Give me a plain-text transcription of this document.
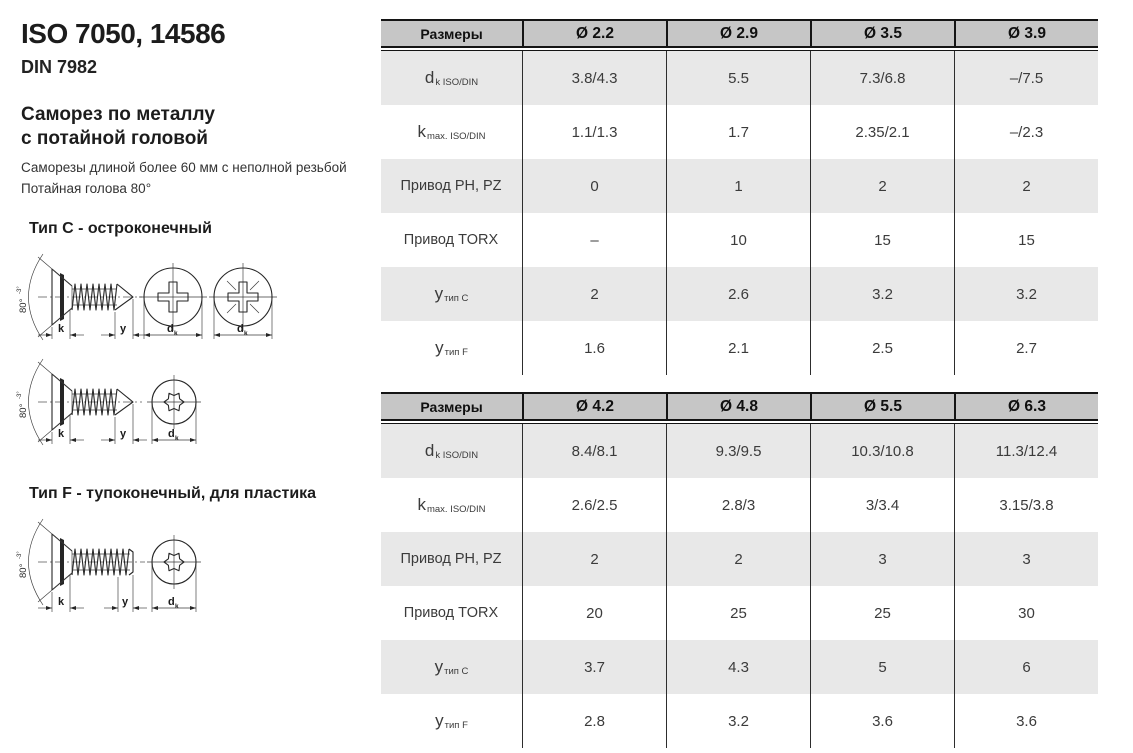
ISO 7050, 14586
DIN 7982
Саморез по металлу
с потайной головой
Саморезы длиной более 60 мм с неполной резьбой
Потайная голова 80°
Тип C - остроконечный
Тип F - тупоконечный, для пластика
80°
-3°
k	y	d k	d k
80°
-3°
k	y	d k
80°
-3°
k	y	d k
Размеры	Ø 2.2	Ø 2.9	Ø 3.5	Ø 3.9
d k ISO/DIN	3.8/4.3	5.5	7.3/6.8	–/7.5
k max. ISO/DIN	1.1/1.3	1.7	2.35/2.1	–/2.3
Привод PH, PZ	0	1	2	2
Привод TORX	–	10	15	15
y тип C	2	2.6	3.2	3.2
y тип F	1.6	2.1	2.5	2.7
Размеры	Ø 4.2	Ø 4.8	Ø 5.5	Ø 6.3
d k ISO/DIN	8.4/8.1	9.3/9.5	10.3/10.8	11.3/12.4
k max. ISO/DIN	2.6/2.5	2.8/3	3/3.4	3.15/3.8
Привод PH, PZ	2	2	3	3
Привод TORX	20	25	25	30
y тип C	3.7	4.3	5	6
y тип F	2.8	3.2	3.6	3.6
